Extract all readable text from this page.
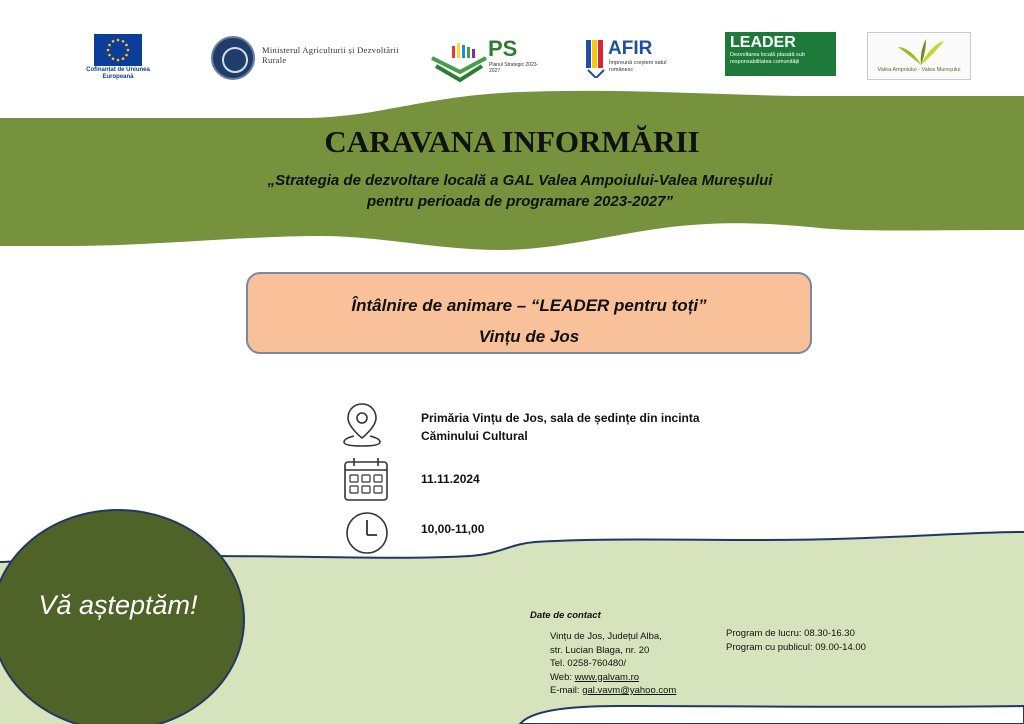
Cofinanțat de Uniunea Europeană
Ministerul Agriculturii și Dezvoltării Rurale	PS
Planul Strategic 2023-2027
AFIR
Împreună creștem satul românesc
LEADER
Dezvoltarea locală plasată sub responsabilitatea comunității
Valea Ampoiului - Valea Mureșului
CARAVANA INFORMĂRII
„Strategia de dezvoltare locală a GAL Valea Ampoiului-Valea Mureșului
pentru perioada de programare 2023-2027”
Întâlnire de animare – “LEADER pentru toți”
Vințu de Jos
Primăria Vințu de Jos, sala de ședințe din incinta
Căminului Cultural
11.11.2024
10,00-11,00
Vă așteptăm!	Date de contact
Vințu de Jos, Județul Alba,
str. Lucian Blaga, nr. 20
Tel. 0258-760480/
Web: www.galvam.ro
E-mail: gal.vavm@yahoo.com
Program de lucru: 08.30-16.30
Program cu publicul: 09.00-14.00
